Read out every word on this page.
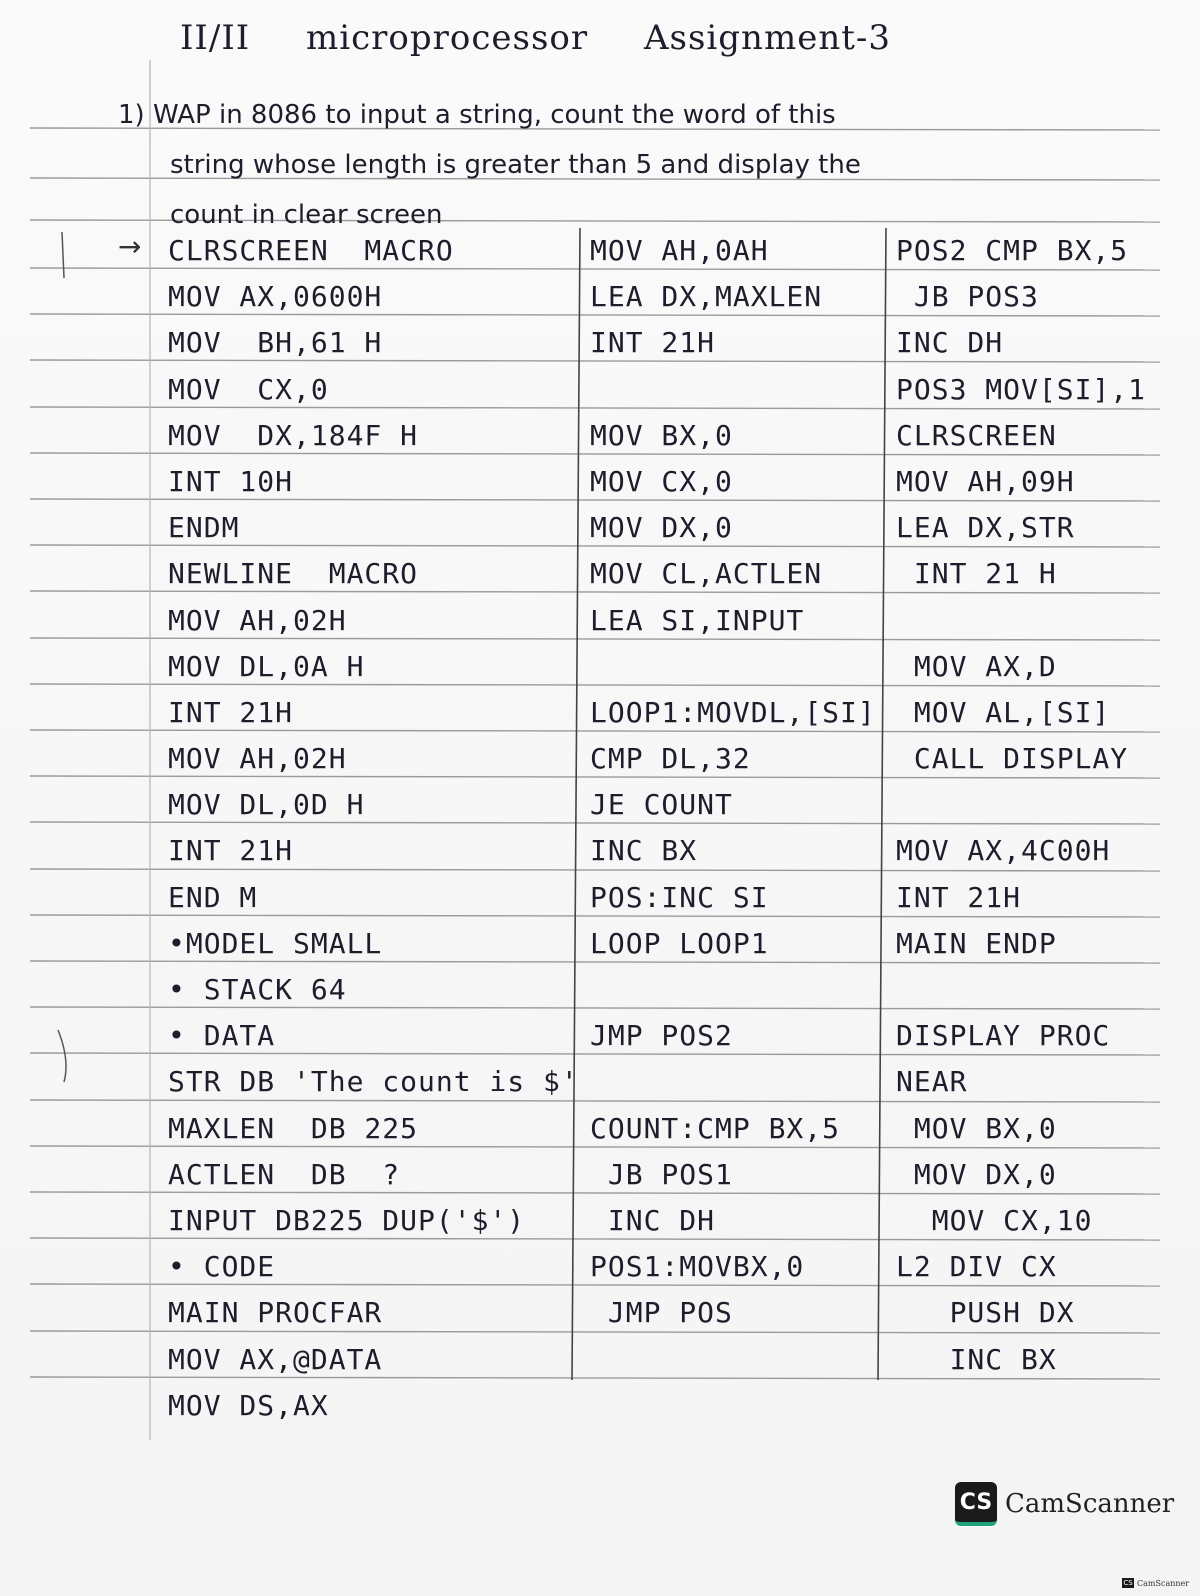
II/II microprocessor Assignment-3
1) WAP in 8086 to input a string, count the word of this
string whose length is greater than 5 and display the
count in clear screen
→ CLRSCREEN  MACRO
MOV AX,0600H
MOV  BH,61 H
MOV  CX,0
MOV  DX,184F H
INT 10H
ENDM
NEWLINE  MACRO
MOV AH,02H
MOV DL,0A H
INT 21H
MOV AH,02H
MOV DL,0D H
INT 21H
END M
•MODEL SMALL
• STACK 64
• DATA
STR DB 'The count is $'
MAXLEN  DB 225
ACTLEN  DB  ?
INPUT DB225 DUP('$')
• CODE
MAIN PROCFAR
MOV AX,@DATA
MOV DS,AX
MOV AH,0AH
LEA DX,MAXLEN
INT 21H
MOV BX,0
MOV CX,0
MOV DX,0
MOV CL,ACTLEN
LEA SI,INPUT
LOOP1:MOVDL,[SI]
CMP DL,32
JE COUNT
INC BX
POS:INC SI
LOOP LOOP1
JMP POS2
COUNT:CMP BX,5
JB POS1
INC DH
POS1:MOVBX,0
JMP POS
POS2 CMP BX,5
JB POS3
INC DH
POS3 MOV[SI],1
CLRSCREEN
MOV AH,09H
LEA DX,STR
INT 21 H
MOV AX,D
MOV AL,[SI]
CALL DISPLAY
MOV AX,4C00H
INT 21H
MAIN ENDP
DISPLAY PROC
NEAR
MOV BX,0
MOV DX,0
MOV CX,10
L2 DIV CX
PUSH DX
INC BX
CS CamScanner
CS CamScanner
